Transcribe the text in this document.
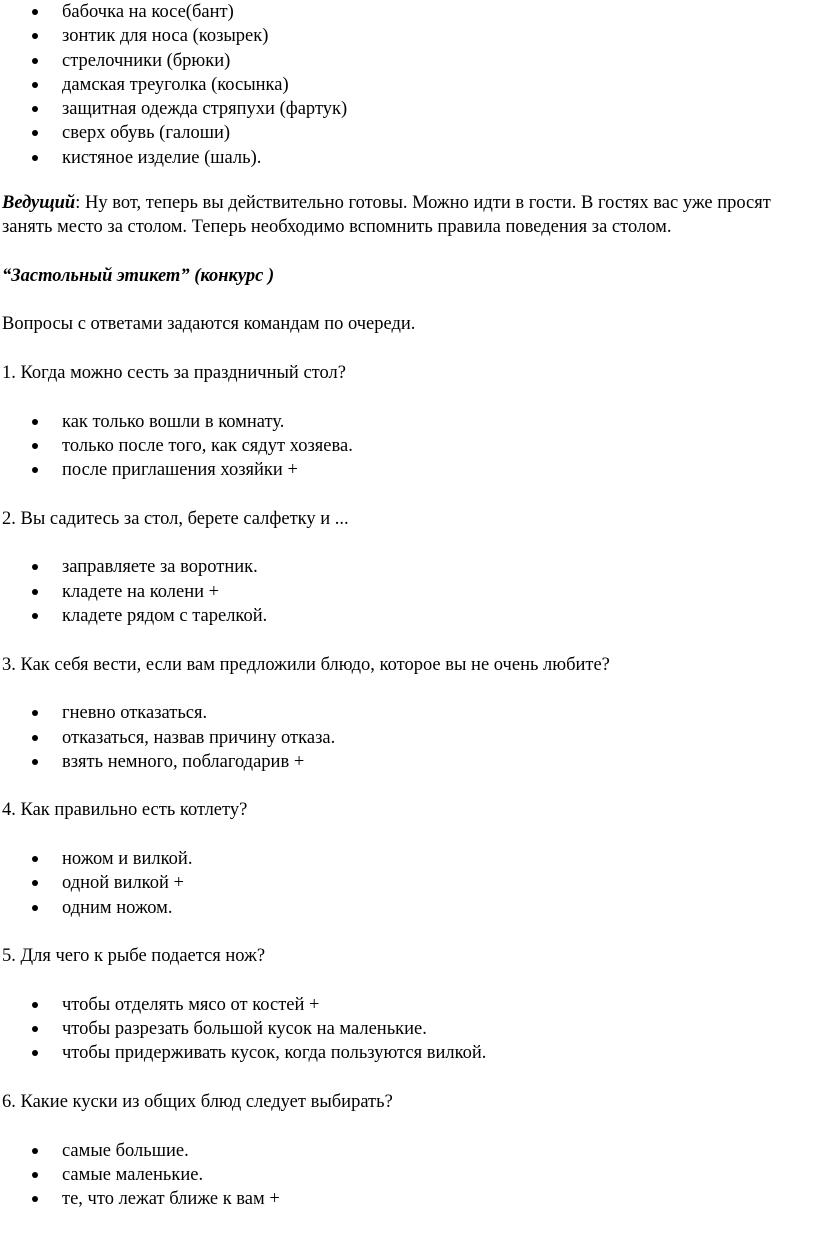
бабочка на косе(бант)
зонтик для носа (козырек)
стрелочники (брюки)
дамская треуголка (косынка)
защитная одежда стряпухи (фартук)
сверх обувь (галоши)
кистяное изделие (шаль).

Ведущий: Ну вот, теперь вы действительно готовы. Можно идти в гости. В гостях вас уже просят занять место за столом. Теперь необходимо вспомнить правила поведения за столом.

“Застольный этикет” (конкурс )

Вопросы с ответами задаются командам по очереди.

1. Когда можно сесть за праздничный стол?

как только вошли в комнату.
только после того, как сядут хозяева.
после приглашения хозяйки +

2. Вы садитесь за стол, берете салфетку и ...

заправляете за воротник.
кладете на колени +
кладете рядом с тарелкой.

3. Как себя вести, если вам предложили блюдо, которое вы не очень любите?

гневно отказаться.
отказаться, назвав причину отказа.
взять немного, поблагодарив +

4. Как правильно есть котлету?

ножом и вилкой.
одной вилкой +
одним ножом.

5. Для чего к рыбе подается нож?

чтобы отделять мясо от костей +
чтобы разрезать большой кусок на маленькие.
чтобы придерживать кусок, когда пользуются вилкой.

6. Какие куски из общих блюд следует выбирать?

самые большие.
самые маленькие.
те, что лежат ближе к вам +
